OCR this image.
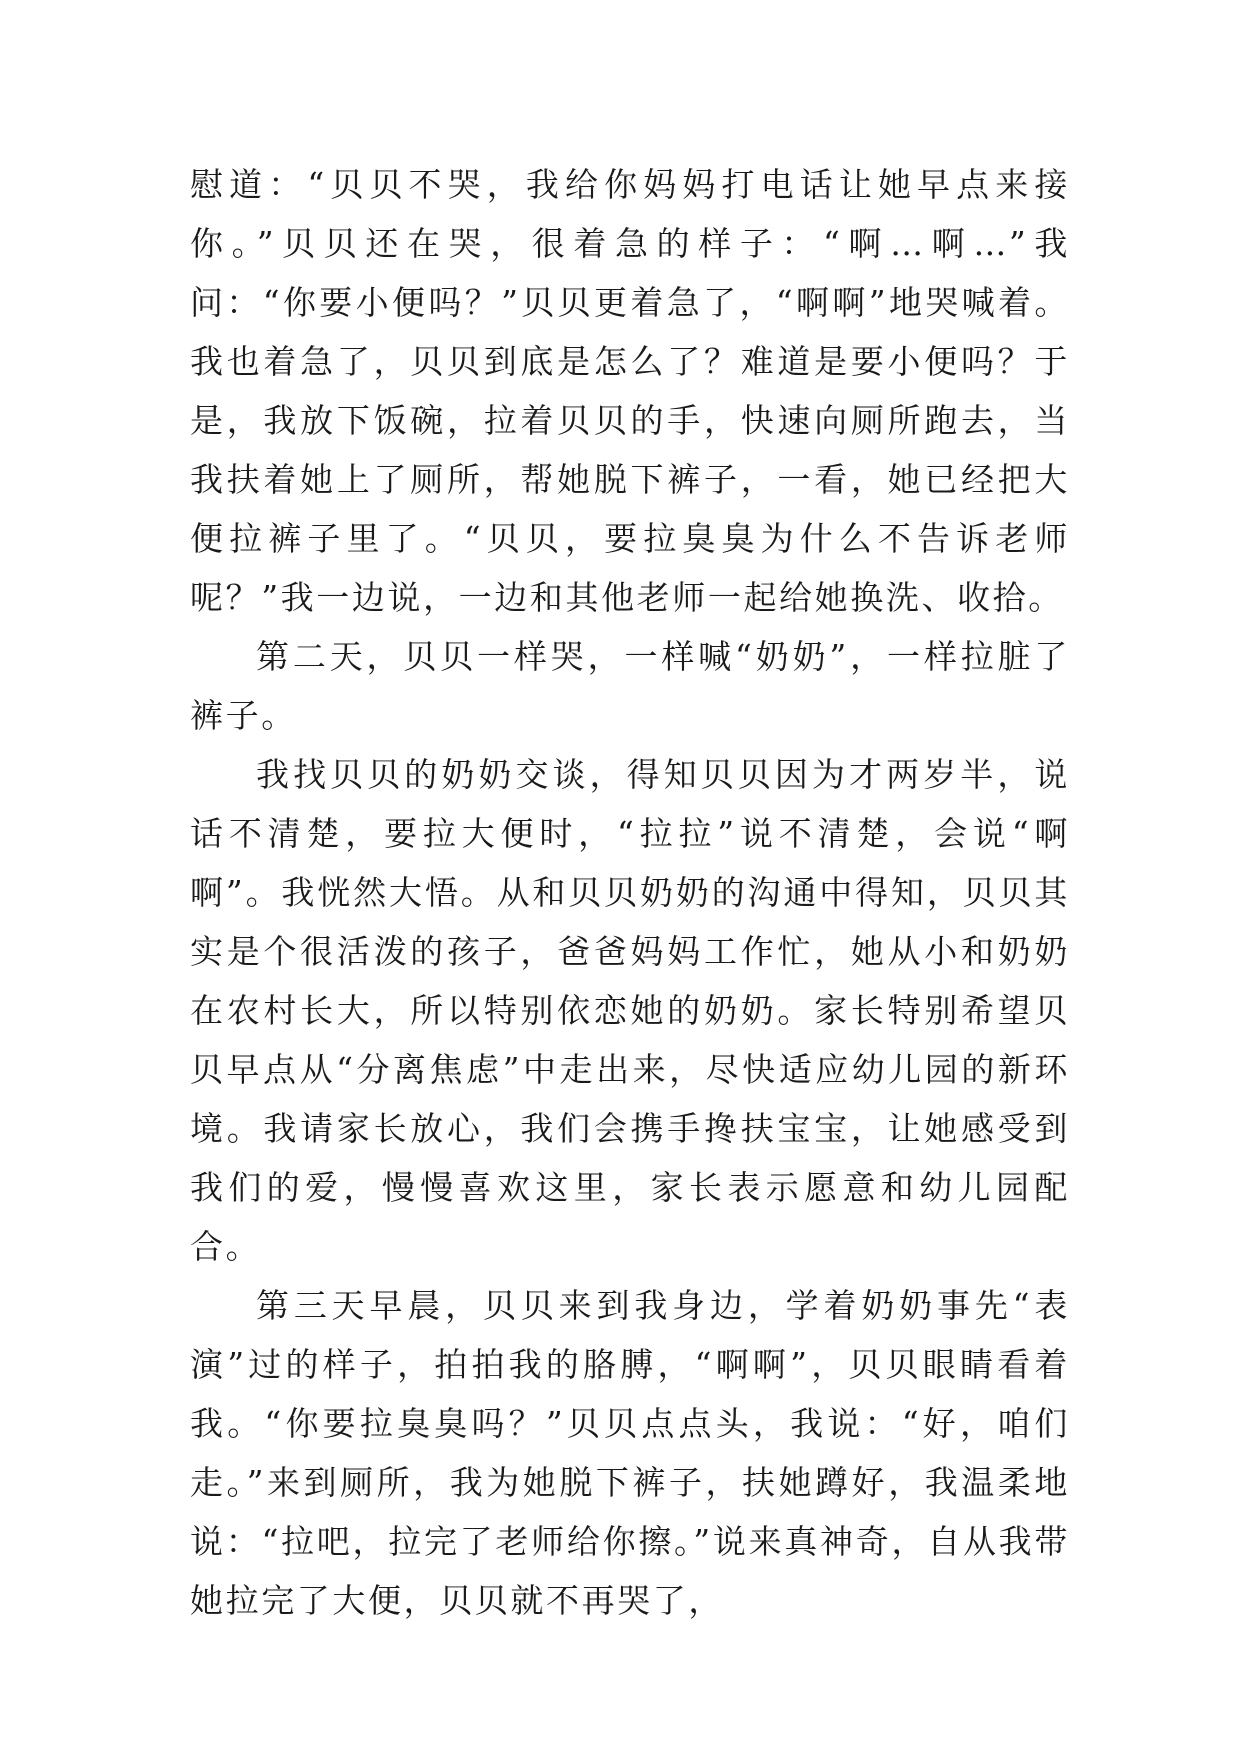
慰道：“贝贝不哭，我给你妈妈打电话让她早点来接你。”贝贝还在哭，很着急的样子：“啊…啊…”我问：“你要小便吗？”贝贝更着急了，“啊啊”地哭喊着。我也着急了，贝贝到底是怎么了？难道是要小便吗？于是，我放下饭碗，拉着贝贝的手，快速向厕所跑去，当我扶着她上了厕所，帮她脱下裤子，一看，她已经把大便拉裤子里了。“贝贝，要拉臭臭为什么不告诉老师呢？”我一边说，一边和其他老师一起给她换洗、收拾。

第二天，贝贝一样哭，一样喊“奶奶”，一样拉脏了裤子。

我找贝贝的奶奶交谈，得知贝贝因为才两岁半，说话不清楚，要拉大便时，“拉拉”说不清楚，会说“啊啊”。我恍然大悟。从和贝贝奶奶的沟通中得知，贝贝其实是个很活泼的孩子，爸爸妈妈工作忙，她从小和奶奶在农村长大，所以特别依恋她的奶奶。家长特别希望贝贝早点从“分离焦虑”中走出来，尽快适应幼儿园的新环境。我请家长放心，我们会携手搀扶宝宝，让她感受到我们的爱，慢慢喜欢这里，家长表示愿意和幼儿园配合。

第三天早晨，贝贝来到我身边，学着奶奶事先“表演”过的样子，拍拍我的胳膊，“啊啊”，贝贝眼睛看着我。“你要拉臭臭吗？”贝贝点点头，我说：“好，咱们走。”来到厕所，我为她脱下裤子，扶她蹲好，我温柔地说：“拉吧，拉完了老师给你擦。”说来真神奇，自从我带她拉完了大便，贝贝就不再哭了，
